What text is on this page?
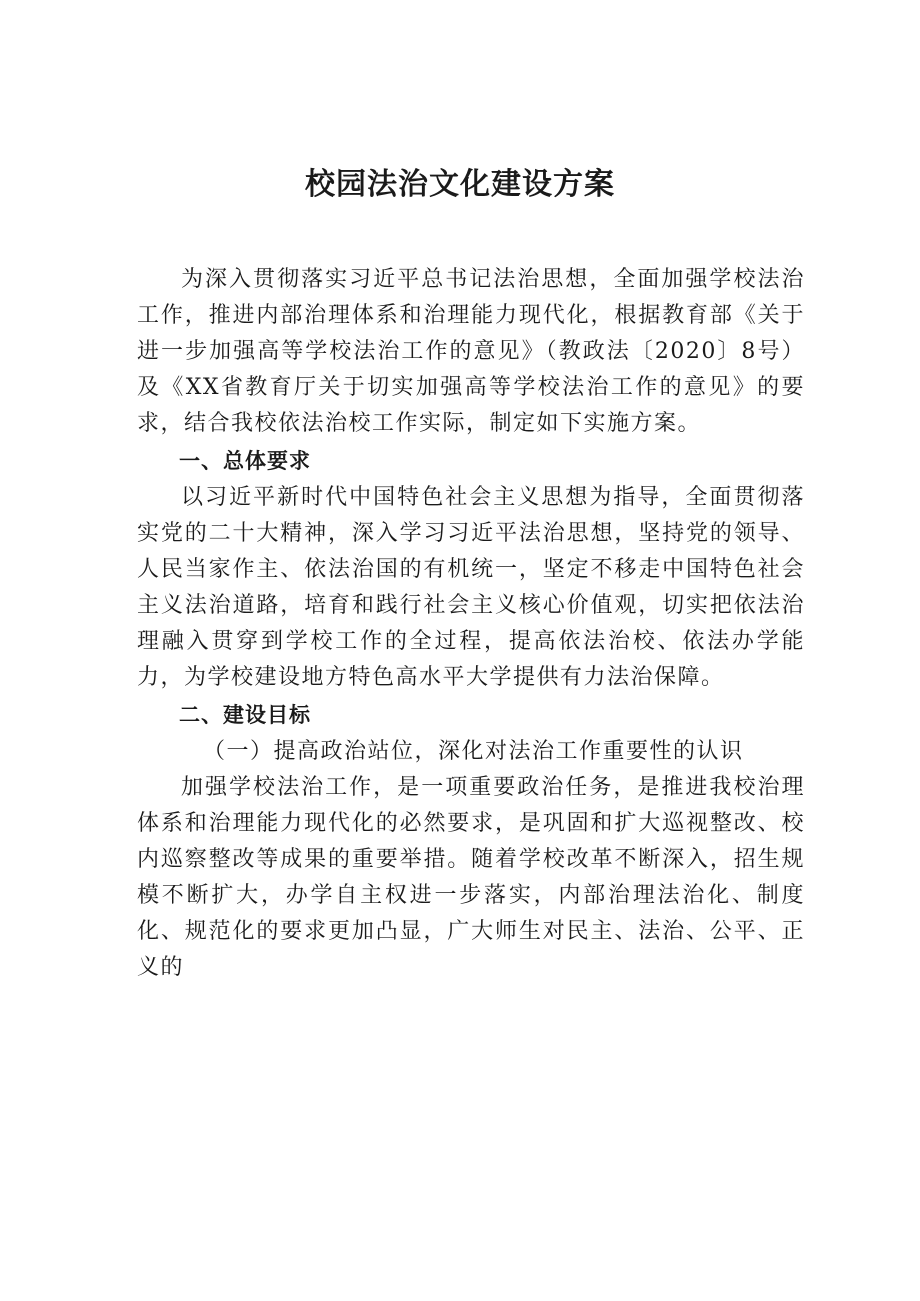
校园法治文化建设方案

为深入贯彻落实习近平总书记法治思想，全面加强学校法治工作，推进内部治理体系和治理能力现代化，根据教育部《关于进一步加强高等学校法治工作的意见》（教政法〔2020〕8号）及《XX省教育厅关于切实加强高等学校法治工作的意见》的要求，结合我校依法治校工作实际，制定如下实施方案。

一、总体要求

以习近平新时代中国特色社会主义思想为指导，全面贯彻落实党的二十大精神，深入学习习近平法治思想，坚持党的领导、人民当家作主、依法治国的有机统一，坚定不移走中国特色社会主义法治道路，培育和践行社会主义核心价值观，切实把依法治理融入贯穿到学校工作的全过程，提高依法治校、依法办学能力，为学校建设地方特色高水平大学提供有力法治保障。

二、建设目标
（一）提高政治站位，深化对法治工作重要性的认识

加强学校法治工作，是一项重要政治任务，是推进我校治理体系和治理能力现代化的必然要求，是巩固和扩大巡视整改、校内巡察整改等成果的重要举措。随着学校改革不断深入，招生规模不断扩大，办学自主权进一步落实，内部治理法治化、制度化、规范化的要求更加凸显，广大师生对民主、法治、公平、正义的
